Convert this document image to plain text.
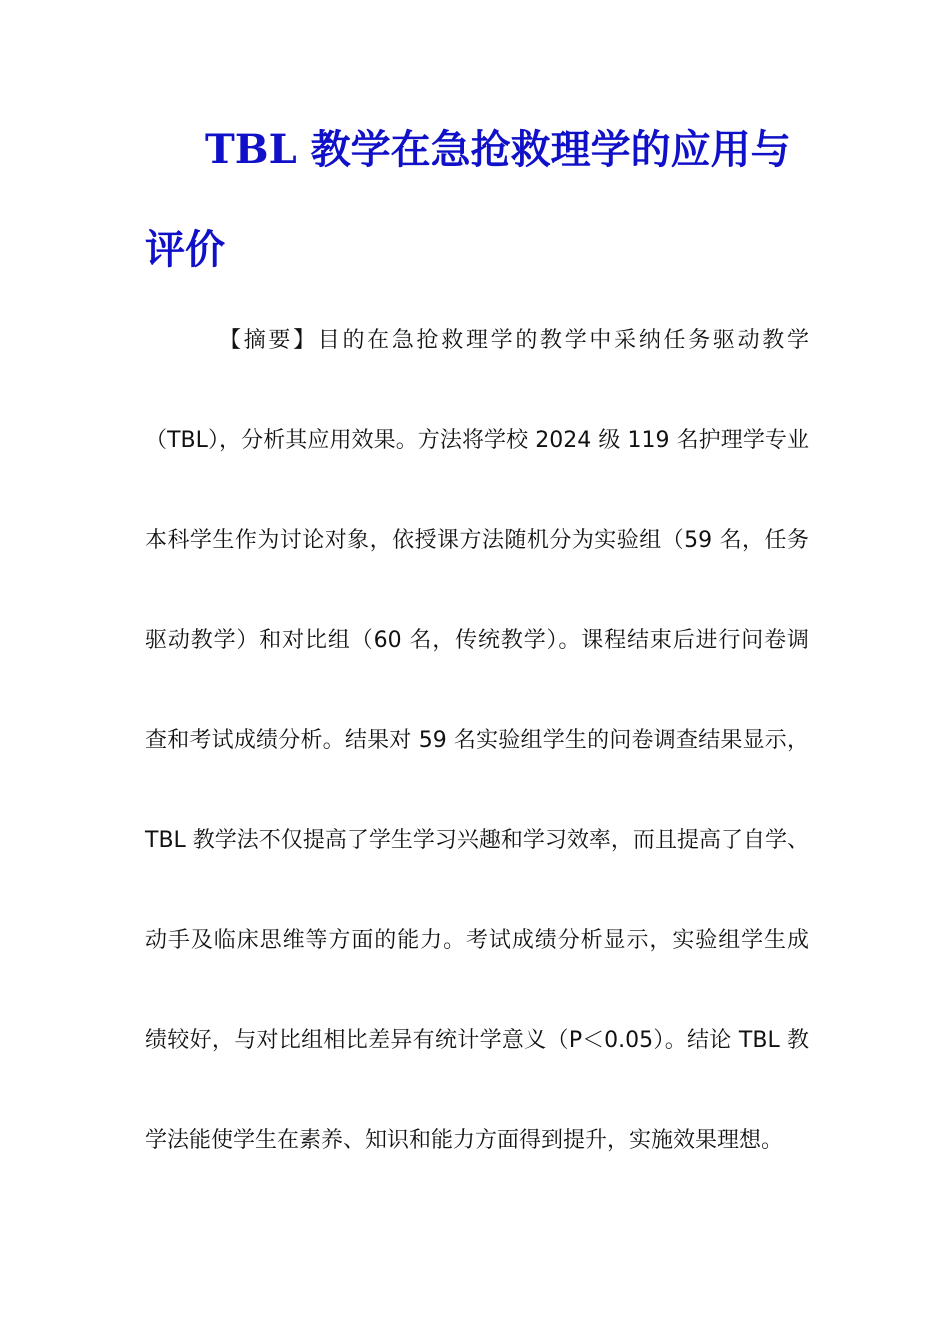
TBL 教学在急抢救理学的应用与
评价
【摘要】目的在急抢救理学的教学中采纳任务驱动教学
（TBL），分析其应用效果。方法将学校 2024 级 119 名护理学专业
本科学生作为讨论对象，依授课方法随机分为实验组（59 名，任务
驱动教学）和对比组（60 名，传统教学）。课程结束后进行问卷调
查和考试成绩分析。结果对 59 名实验组学生的问卷调查结果显示，
TBL 教学法不仅提高了学生学习兴趣和学习效率，而且提高了自学、
动手及临床思维等方面的能力。考试成绩分析显示，实验组学生成
绩较好，与对比组相比差异有统计学意义（P＜0.05）。结论 TBL 教
学法能使学生在素养、知识和能力方面得到提升，实施效果理想。
